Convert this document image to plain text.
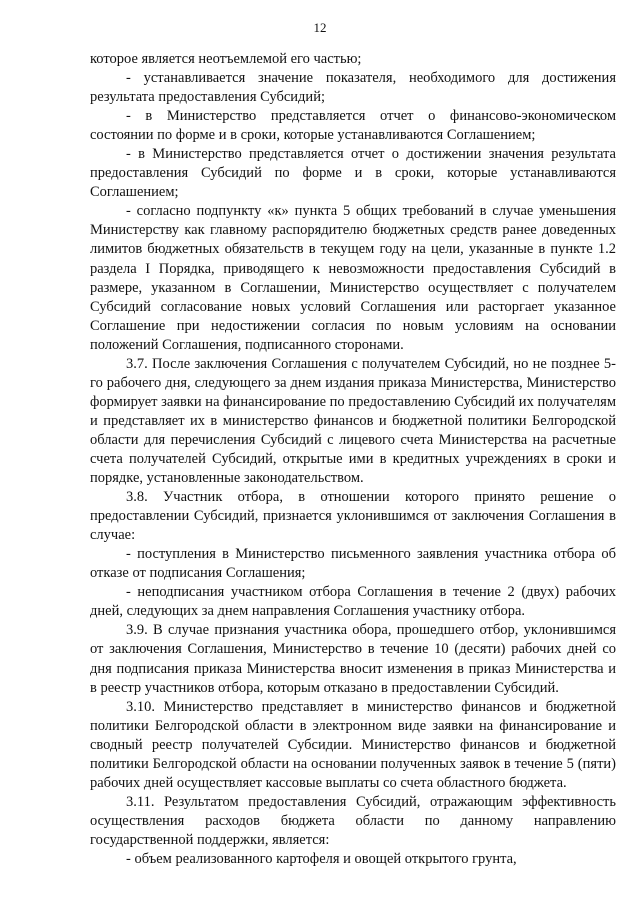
12

которое является неотъемлемой его частью;

- устанавливается значение показателя, необходимого для достижения результата предоставления Субсидий;

- в Министерство представляется отчет о финансово-экономическом состоянии по форме и в сроки, которые устанавливаются Соглашением;

- в Министерство представляется отчет о достижении значения результата предоставления Субсидий по форме и в сроки, которые устанавливаются Соглашением;

- согласно подпункту «к» пункта 5 общих требований в случае уменьшения Министерству как главному распорядителю бюджетных средств ранее доведенных лимитов бюджетных обязательств в текущем году на цели, указанные в пункте 1.2 раздела I Порядка, приводящего к невозможности предоставления Субсидий в размере, указанном в Соглашении, Министерство осуществляет с получателем Субсидий согласование новых условий Соглашения или расторгает указанное Соглашение при недостижении согласия по новым условиям на основании положений Соглашения, подписанного сторонами.

3.7. После заключения Соглашения с получателем Субсидий, но не позднее 5-го рабочего дня, следующего за днем издания приказа Министерства, Министерство формирует заявки на финансирование по предоставлению Субсидий их получателям и представляет их в министерство финансов и бюджетной политики Белгородской области для перечисления Субсидий с лицевого счета Министерства на расчетные счета получателей Субсидий, открытые ими в кредитных учреждениях в сроки и порядке, установленные законодательством.

3.8. Участник отбора, в отношении которого принято решение о предоставлении Субсидий, признается уклонившимся от заключения Соглашения в случае:

- поступления в Министерство письменного заявления участника отбора об отказе от подписания Соглашения;

- неподписания участником отбора Соглашения в течение 2 (двух) рабочих дней, следующих за днем направления Соглашения участнику отбора.

3.9. В случае признания участника обора, прошедшего отбор, уклонившимся от заключения Соглашения, Министерство в течение 10 (десяти) рабочих дней со дня подписания приказа Министерства вносит изменения в приказ Министерства и в реестр участников отбора, которым отказано в предоставлении Субсидий.

3.10. Министерство представляет в министерство финансов и бюджетной политики Белгородской области в электронном виде заявки на финансирование и сводный реестр получателей Субсидии. Министерство финансов и бюджетной политики Белгородской области на основании полученных заявок в течение 5 (пяти) рабочих дней осуществляет кассовые выплаты со счета областного бюджета.

3.11. Результатом предоставления Субсидий, отражающим эффективность осуществления расходов бюджета области по данному направлению государственной поддержки, является:

- объем реализованного картофеля и овощей открытого грунта,
